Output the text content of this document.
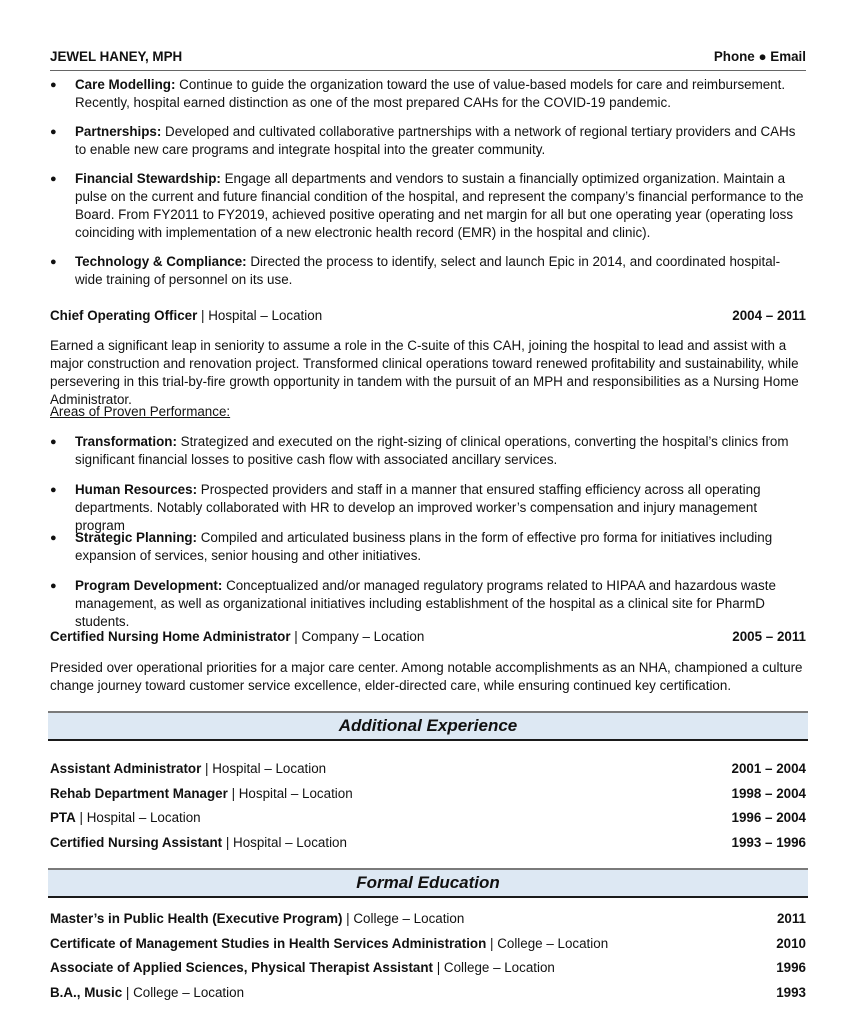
JEWEL HANEY, MPH	Phone ● Email
● Care Modelling: Continue to guide the organization toward the use of value-based models for care and reimbursement. Recently, hospital earned distinction as one of the most prepared CAHs for the COVID-19 pandemic.
● Partnerships: Developed and cultivated collaborative partnerships with a network of regional tertiary providers and CAHs to enable new care programs and integrate hospital into the greater community.
● Financial Stewardship: Engage all departments and vendors to sustain a financially optimized organization. Maintain a pulse on the current and future financial condition of the hospital, and represent the company’s financial performance to the Board. From FY2011 to FY2019, achieved positive operating and net margin for all but one operating year (operating loss coinciding with implementation of a new electronic health record (EMR) in the hospital and clinic).
● Technology & Compliance: Directed the process to identify, select and launch Epic in 2014, and coordinated hospital-wide training of personnel on its use.
Chief Operating Officer | Hospital – Location	2004 – 2011

Earned a significant leap in seniority to assume a role in the C-suite of this CAH, joining the hospital to lead and assist with a major construction and renovation project. Transformed clinical operations toward renewed profitability and sustainability, while persevering in this trial-by-fire growth opportunity in tandem with the pursuit of an MPH and responsibilities as a Nursing Home Administrator.

Areas of Proven Performance:
● Transformation: Strategized and executed on the right-sizing of clinical operations, converting the hospital’s clinics from significant financial losses to positive cash flow with associated ancillary services.
● Human Resources: Prospected providers and staff in a manner that ensured staffing efficiency across all operating departments. Notably collaborated with HR to develop an improved worker’s compensation and injury management program
● Strategic Planning: Compiled and articulated business plans in the form of effective pro forma for initiatives including expansion of services, senior housing and other initiatives.
● Program Development: Conceptualized and/or managed regulatory programs related to HIPAA and hazardous waste management, as well as organizational initiatives including establishment of the hospital as a clinical site for PharmD students.
Certified Nursing Home Administrator | Company – Location	2005 – 2011

Presided over operational priorities for a major care center. Among notable accomplishments as an NHA, championed a culture change journey toward customer service excellence, elder-directed care, while ensuring continued key certification.

Additional Experience
Assistant Administrator | Hospital – Location	2001 – 2004
Rehab Department Manager | Hospital – Location	1998 – 2004
PTA | Hospital – Location	1996 – 2004
Certified Nursing Assistant | Hospital – Location	1993 – 1996
Formal Education
Master’s in Public Health (Executive Program) | College – Location	2011
Certificate of Management Studies in Health Services Administration | College – Location	2010
Associate of Applied Sciences, Physical Therapist Assistant | College – Location	1996
B.A., Music | College – Location	1993
